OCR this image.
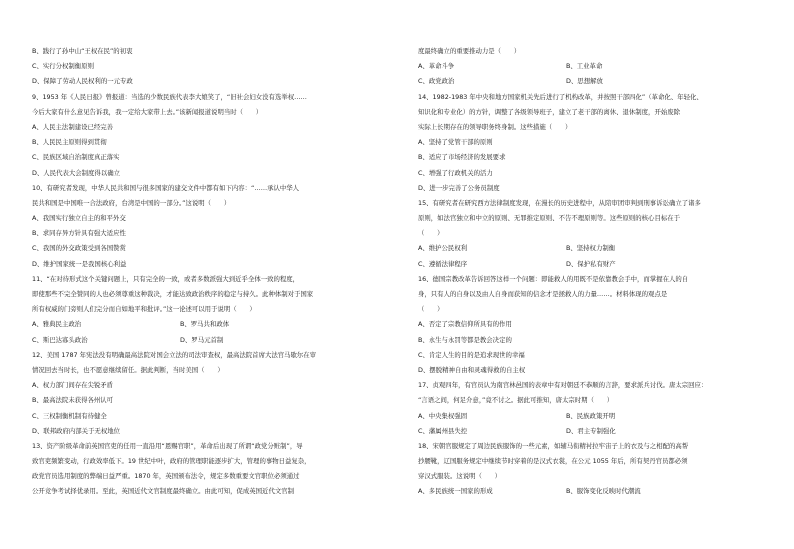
B、践行了孙中山“王权在民”的初衷
C、实行分权制衡原则
D、保障了劳动人民权利的一元专政
9、1953 年《人民日报》曾报道：当选的少数民族代表李大娘笑了，“旧社会妇女没有选举权……
今后大家有什么意见告诉我，我一定给大家带上去。”该新闻报道说明当时（　　）
A、人民主法制建设已经完善
B、人民民主原则得到贯彻
C、民族区域自治制度真正落实
D、人民代表大会制度得以确立
10、有研究者发现，中华人民共和国与很多国家的建交文件中都有如下内容：“……承认中华人
民共和国是中国唯一合法政府，台湾是中国的一部分。”这说明（　　）
A、我国实行独立自主的和平外交
B、求同存异方针具有强大适应性
C、我国的外交政策受到各国赞赏
D、维护国家统一是我国核心利益
11、“在对待形式这个关键问题上，只有完全的一致，或者多数派强大到近乎全体一致的程度，
即使那些不完全赞同的人也必须尊重这种裁决，才能达致政治秩序的稳定与持久。此种体制对于国家
所有权威的门旁则人们完分而自如地平和批评。”这一论述可以用于说明（　　）
A、雅典民主政治	B、罗马共和政体
C、斯巴达寡头政治	D、罗马元首制
12、美国 1787 年宪法没有明确最高法院对国会立法的司法审查权，最高法院首席大法官马歇尔在审
情况回去当时长，也不愿意继续留任。据此判断，当时美国（　　）
A、权力部门间存在尖锐矛盾
B、最高法院未获得各州认可
C、三权制衡机制有待健全
D、联邦政府内部关于无权地位
13、资产阶级革命前英国官吏的任用一直沿用“恩赐官职”，革命后出现了所谓“政党分赃制”，导
致官吏频繁变动，行政效率低下。19 世纪中叶，政府的管理职能逐步扩大，管理的事物日益复杂，
政党官员选用制度的弊端日益严重。1870 年，英国颁布法令，规定多数重要文官职位必须通过
公开竞争考试择优录用。至此，英国近代文官制度最终确立。由此可知，促成英国近代文官制
度最终确立的重要推动力是（　　）
A、革命斗争	B、工业革命
C、政党政治	D、思想解放
14、1982-1983 年中央和地方国家机关先后进行了机构改革，并按照干部四化”（革命化、年轻化、
知识化和专业化）的方针，调整了各级领导班子，建立了老干部的离休、退休制度，开始废除
实际上长期存在的领导职务终身制。这些措施（　　）
A、坚持了党管干部的原则
B、适应了市场经济的发展要求
C、增强了行政机关的活力
D、进一步完善了公务员制度
15、有研究者在研究西方法律制度发现，在漫长的历史进程中，从陪审团审判到刑事诉讼确立了诸多
原则，如法官独立和中立的原则、无罪推定原则、不告不理原则等。这些原则的核心目标在于
（　　）
A、维护公民权利	B、坚持权力制衡
C、遵循法律程序	D、保护私有财产
16、德国宗教改革告诉回答这样一个问题：即能救人的用既不是依靠教会手中，而掌握在人的自
身，只有人的自身以及由人自身而获知的信念才是拯救人的力量……。材料体现的观点是
（　　）
A、否定了宗教信仰所具有的作用
B、永生与永罚等都是教会决定的
C、肯定人生的目的是追求现世的幸福
D、摆脱精神自由和灵魂得救的自主权
17、贞观四年，有官员认为南宫林邑国的表章中有对朝廷不恭顺的言辞，要求派兵讨伐。唐太宗回应：
“言语之间，何足介意，”竟不讨之。据此可推知，唐太宗时期（　　）
A、中央集权强固	B、民族政策开明
C、藩属州县失控	D、君主专制强化
18、宋朝官服规定了周边民族服饰的一些元素，如辅马衔精衬拉牢宙子上的衣及与之相配的高帮
抄腰靴，辽国服务规定中继续节时穿着的是汉式衣裳，在公元 1055 年后，所有契丹官员都必须
穿汉式服装。这说明（　　）
A、多民族统一国家的形成	B、服饰变化反映时代潮流
